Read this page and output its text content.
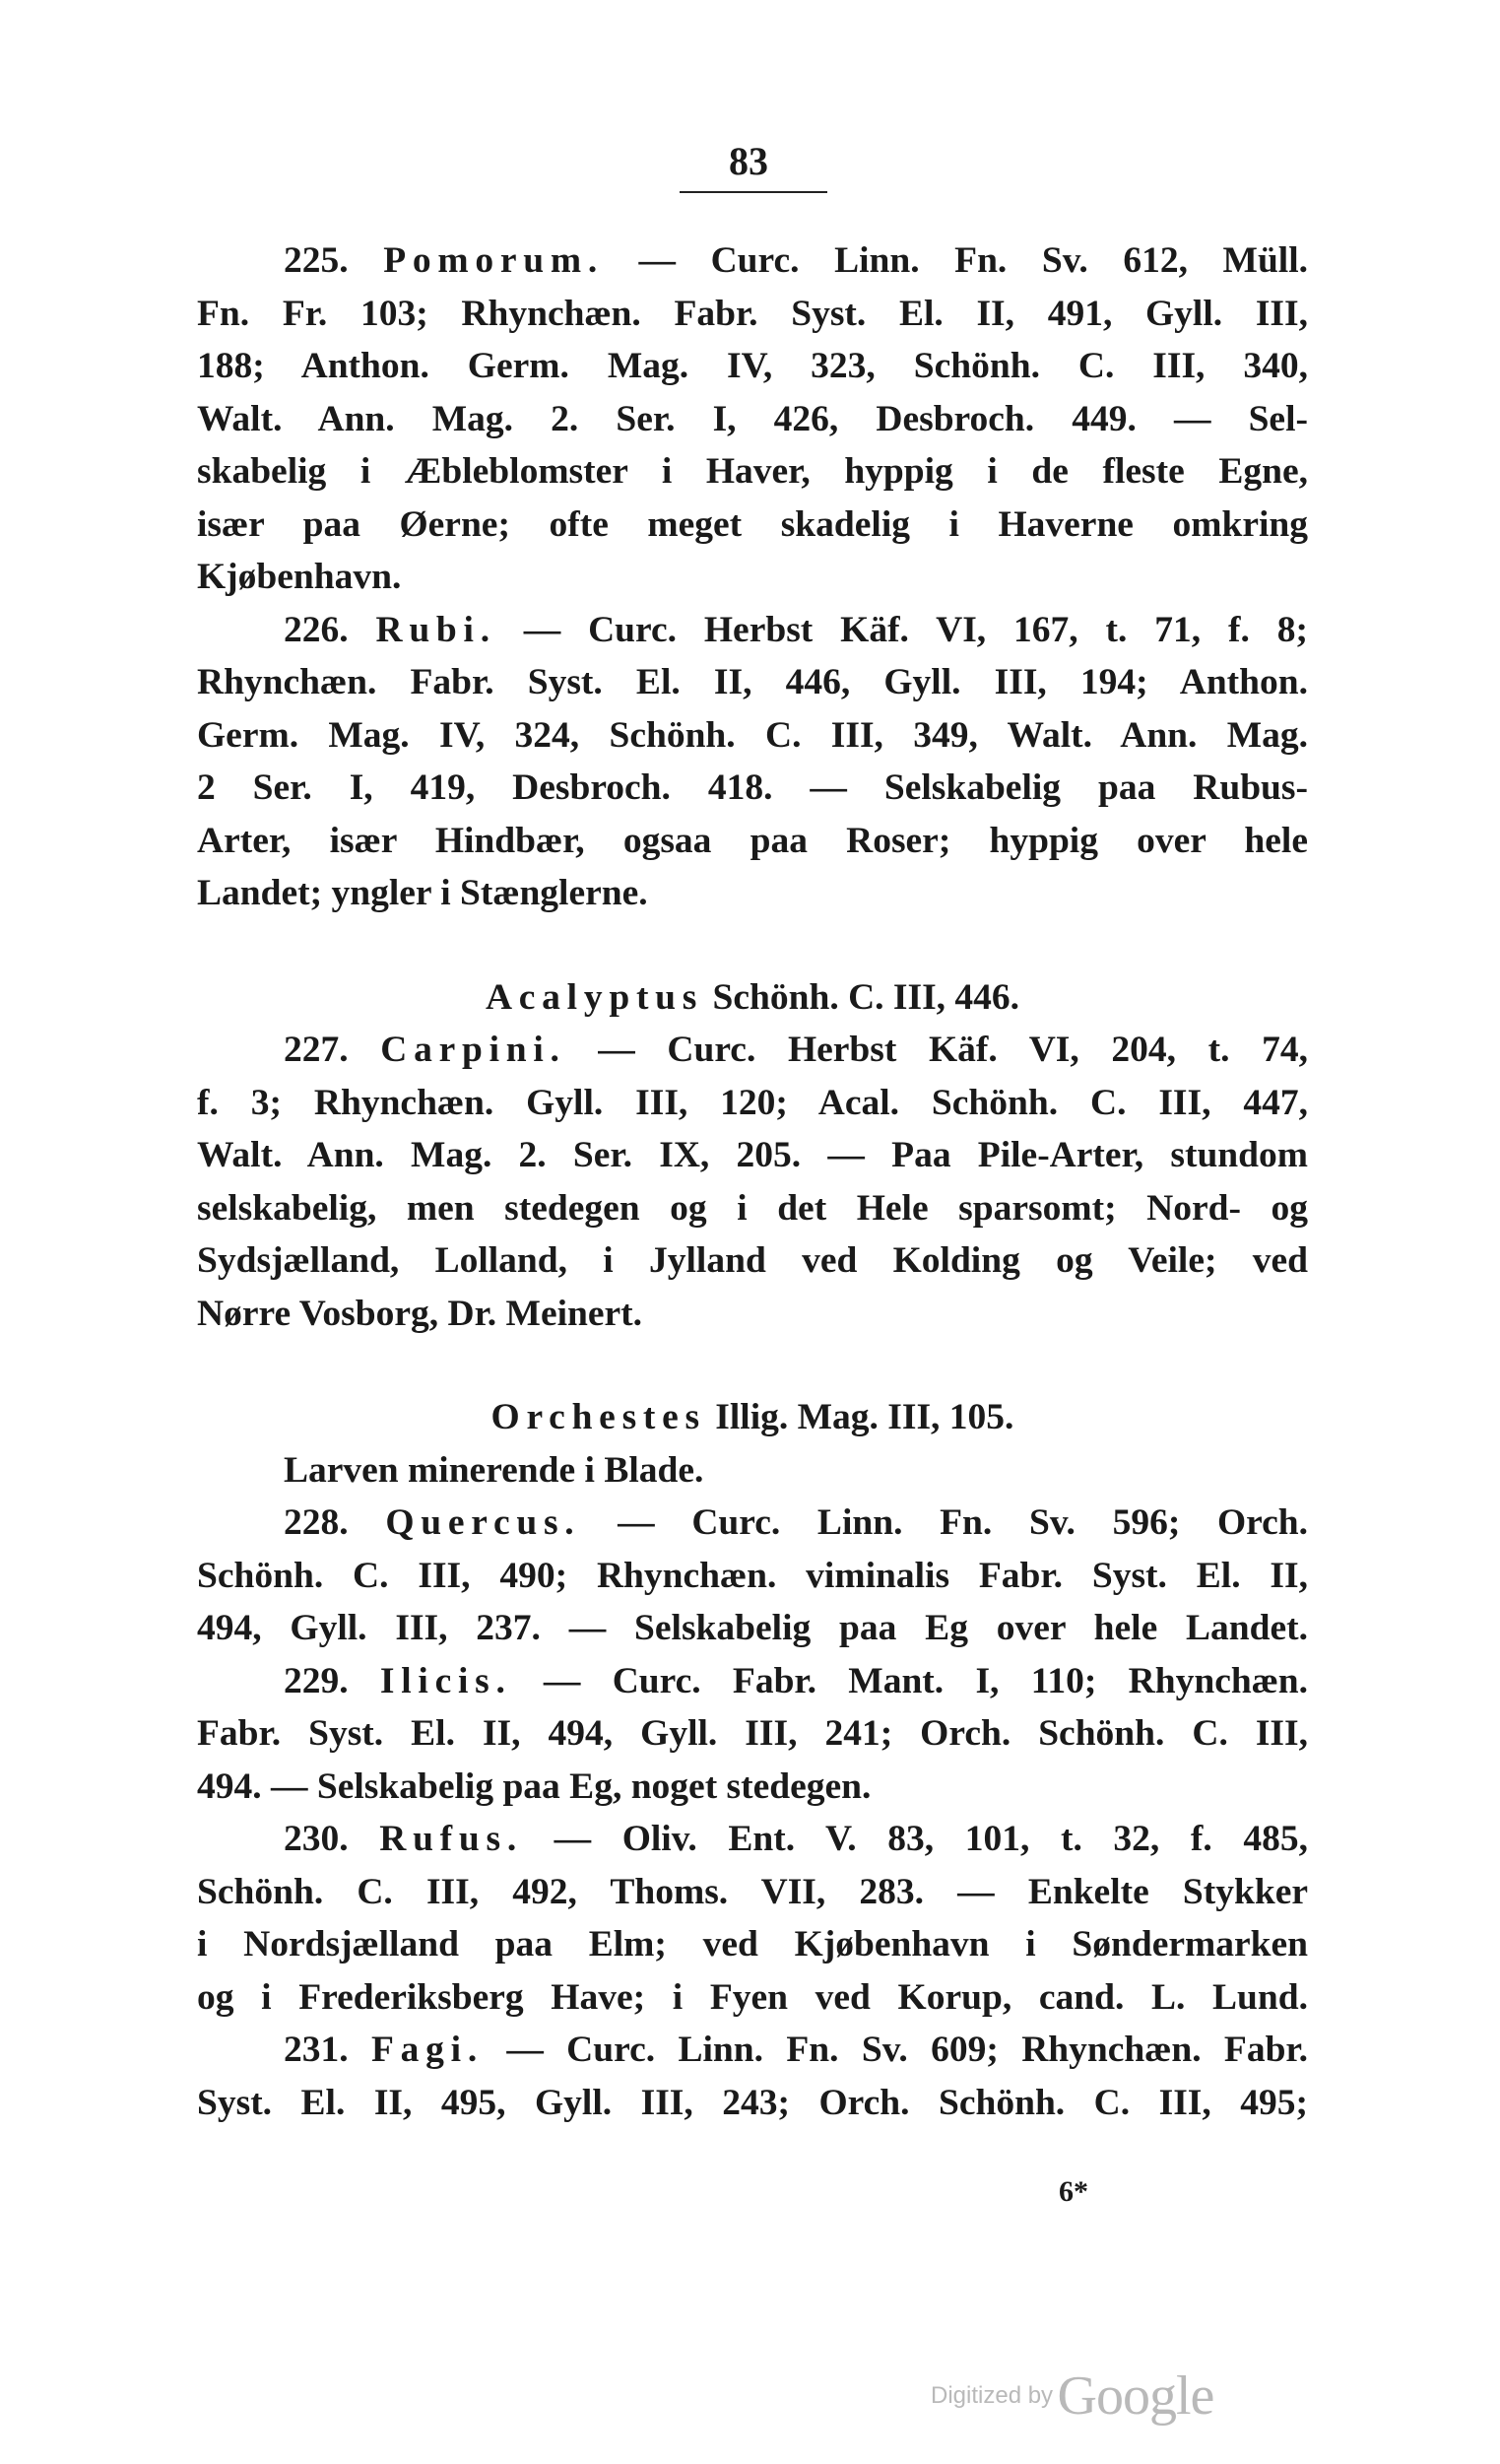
83
225. Pomorum. — Curc. Linn. Fn. Sv. 612, Müll.
Fn. Fr. 103; Rhynchæn. Fabr. Syst. El. II, 491, Gyll. III,
188; Anthon. Germ. Mag. IV, 323, Schönh. C. III, 340,
Walt. Ann. Mag. 2. Ser. I, 426, Desbroch. 449. — Sel-
skabelig i Æbleblomster i Haver, hyppig i de fleste Egne,
især paa Øerne; ofte meget skadelig i Haverne omkring
Kjøbenhavn.
226. Rubi. — Curc. Herbst Käf. VI, 167, t. 71, f. 8;
Rhynchæn. Fabr. Syst. El. II, 446, Gyll. III, 194; Anthon.
Germ. Mag. IV, 324, Schönh. C. III, 349, Walt. Ann. Mag.
2 Ser. I, 419, Desbroch. 418. — Selskabelig paa Rubus-
Arter, især Hindbær, ogsaa paa Roser; hyppig over hele
Landet; yngler i Stænglerne.
Acalyptus Schönh. C. III, 446.
227. Carpini. — Curc. Herbst Käf. VI, 204, t. 74,
f. 3; Rhynchæn. Gyll. III, 120; Acal. Schönh. C. III, 447,
Walt. Ann. Mag. 2. Ser. IX, 205. — Paa Pile-Arter, stundom
selskabelig, men stedegen og i det Hele sparsomt; Nord- og
Sydsjælland, Lolland, i Jylland ved Kolding og Veile; ved
Nørre Vosborg, Dr. Meinert.
Orchestes Illig. Mag. III, 105.
Larven minerende i Blade.
228. Quercus. — Curc. Linn. Fn. Sv. 596; Orch.
Schönh. C. III, 490; Rhynchæn. viminalis Fabr. Syst. El. II,
494, Gyll. III, 237. — Selskabelig paa Eg over hele Landet.
229. Ilicis. — Curc. Fabr. Mant. I, 110; Rhynchæn.
Fabr. Syst. El. II, 494, Gyll. III, 241; Orch. Schönh. C. III,
494. — Selskabelig paa Eg, noget stedegen.
230. Rufus. — Oliv. Ent. V. 83, 101, t. 32, f. 485,
Schönh. C. III, 492, Thoms. VII, 283. — Enkelte Stykker
i Nordsjælland paa Elm; ved Kjøbenhavn i Søndermarken
og i Frederiksberg Have; i Fyen ved Korup, cand. L. Lund.
231. Fagi. — Curc. Linn. Fn. Sv. 609; Rhynchæn. Fabr.
Syst. El. II, 495, Gyll. III, 243; Orch. Schönh. C. III, 495;
6*
Digitized by Google
